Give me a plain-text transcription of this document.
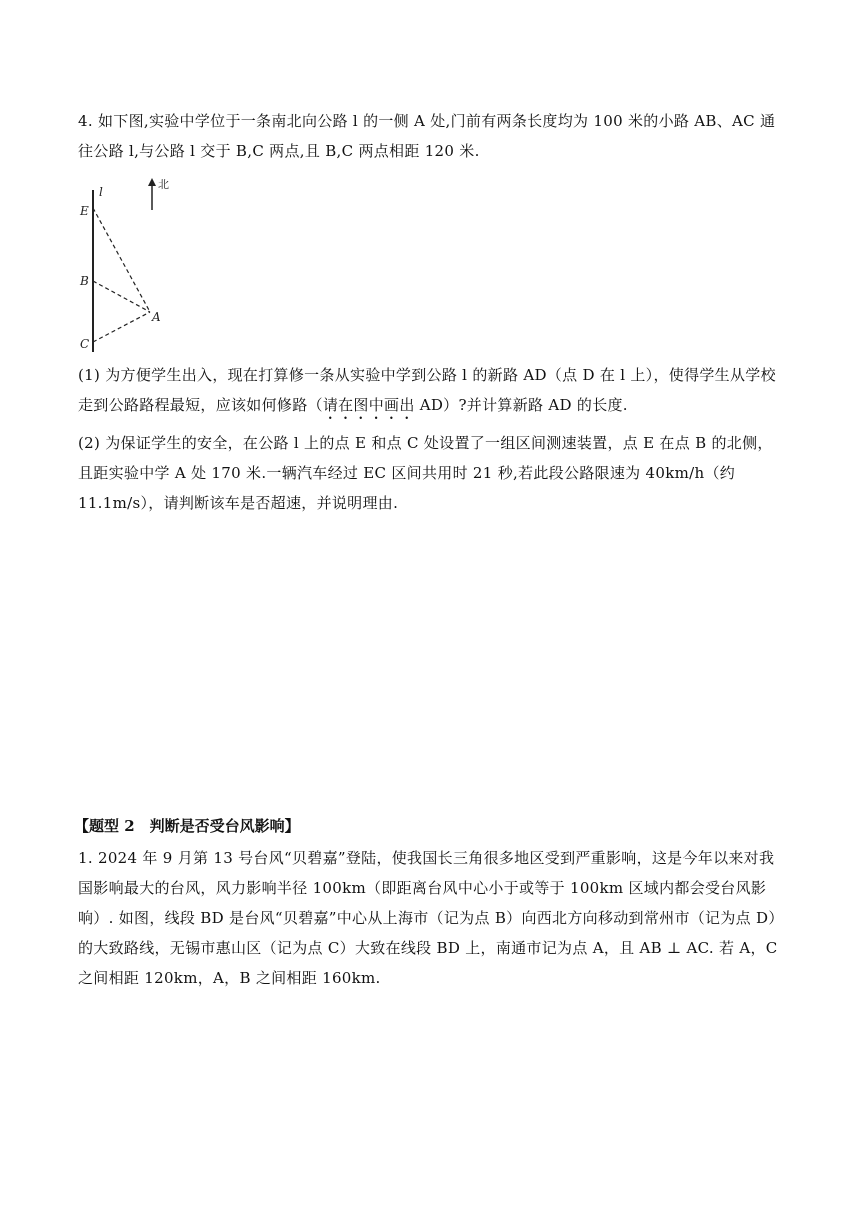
4. 如下图,实验中学位于一条南北向公路 l 的一侧 A 处,门前有两条长度均为 100 米的小路 AB、AC 通往公路 l,与公路 l 交于 B,C 两点,且 B,C 两点相距 120 米.
l
E
B
C
A
北
(1) 为方便学生出入，现在打算修一条从实验中学到公路 l 的新路 AD（点 D 在 l 上），使得学生从学校走到公路路程最短，应该如何修路（请在图中画出 AD）?并计算新路 AD 的长度.
(2) 为保证学生的安全，在公路 l 上的点 E 和点 C 处设置了一组区间测速装置，点 E 在点 B 的北侧，且距实验中学 A 处 170 米.一辆汽车经过 EC 区间共用时 21 秒,若此段公路限速为 40km/h（约 11.1m/s），请判断该车是否超速，并说明理由.
【题型 2　判断是否受台风影响】
1. 2024 年 9 月第 13 号台风“贝碧嘉”登陆，使我国长三角很多地区受到严重影响，这是今年以来对我国影响最大的台风，风力影响半径 100km（即距离台风中心小于或等于 100km 区域内都会受台风影响）. 如图，线段 BD 是台风“贝碧嘉”中心从上海市（记为点 B）向西北方向移动到常州市（记为点 D）的大致路线，无锡市惠山区（记为点 C）大致在线段 BD 上，南通市记为点 A，且 AB ⊥ AC. 若 A，C 之间相距 120km，A，B 之间相距 160km.
